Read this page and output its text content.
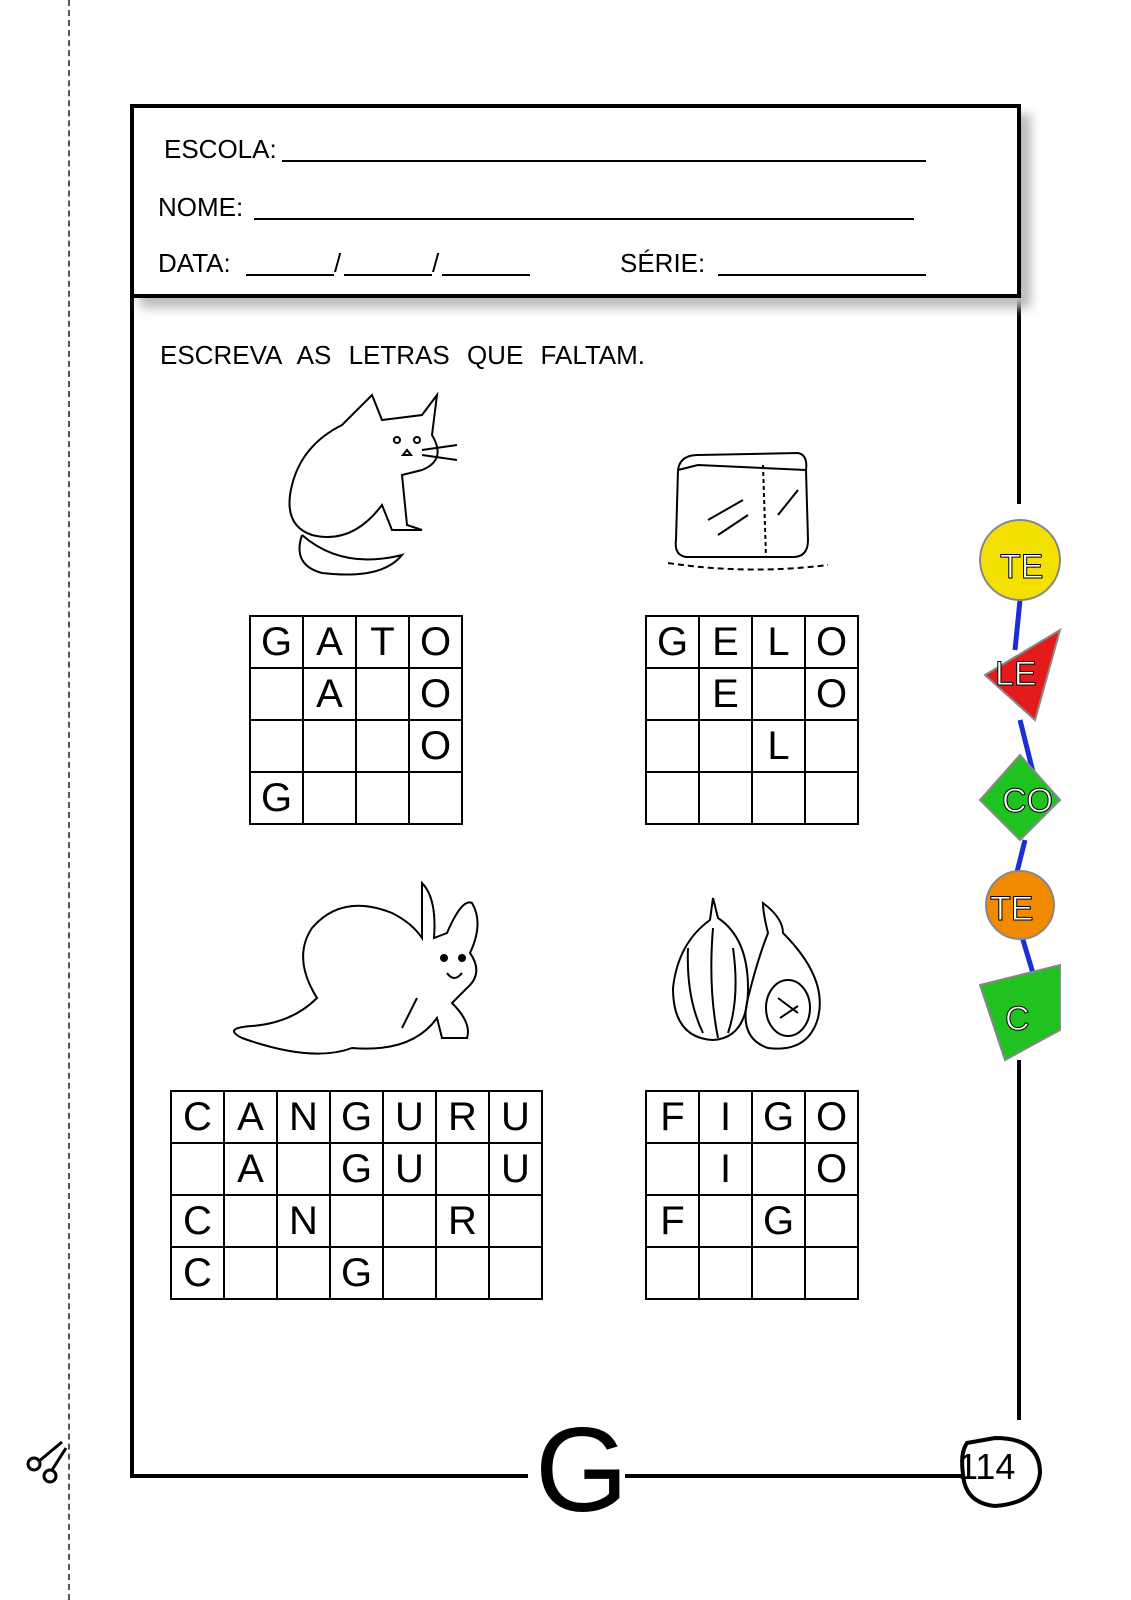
ESCOLA:
NOME:
DATA:	/	/	SÉRIE:
ESCREVA AS LETRAS QUE FALTAM.
G	A	T	O
	A		O
			O
G			
G	E	L	O
	E		O
		L	

C	A	N	G	U	R	U
	A		G	U		U
C		N			R	
C			G			
F	I	G	O
	I		O
F		G	

TE
LE
CO
TE
C
G	114
